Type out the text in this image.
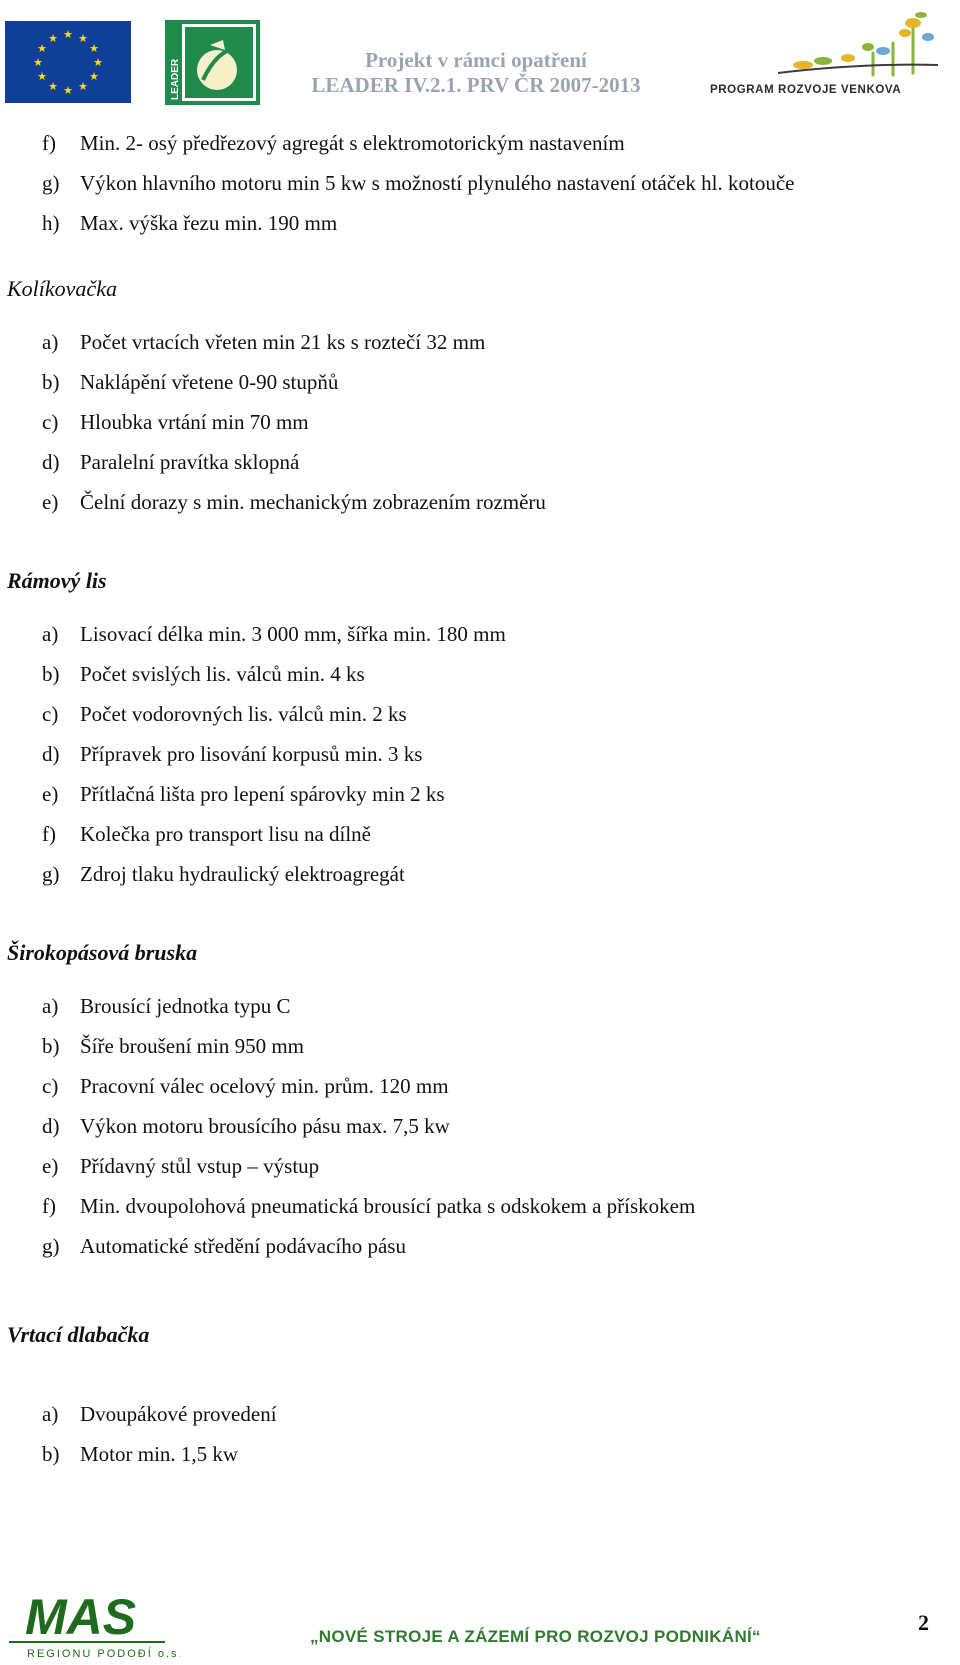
★ ★
★
★
★
★
★
★
★
★
★
★
LEADER	Projekt v rámci opatření
LEADER IV.2.1. PRV ČR 2007-2013	PROGRAM ROZVOJE VENKOVA
f) Min. 2- osý předřezový agregát s elektromotorickým nastavením
g) Výkon hlavního motoru min 5 kw s možností plynulého nastavení otáček hl. kotouče
h) Max. výška řezu min. 190 mm
Kolíkovačka
a) Počet vrtacích vřeten min 21 ks s roztečí 32 mm
b) Naklápění vřetene 0-90 stupňů
c) Hloubka vrtání min 70 mm
d) Paralelní pravítka sklopná
e) Čelní dorazy s min. mechanickým zobrazením rozměru
Rámový lis
a) Lisovací délka min. 3 000 mm, šířka min. 180 mm
b) Počet svislých lis. válců min. 4 ks
c) Počet vodorovných lis. válců min. 2 ks
d) Přípravek pro lisování korpusů min. 3 ks
e) Přítlačná lišta pro lepení spárovky min 2 ks
f) Kolečka pro transport lisu na dílně
g) Zdroj tlaku hydraulický elektroagregát
Širokopásová bruska
a) Brousící jednotka typu C
b) Šíře broušení min 950 mm
c) Pracovní válec ocelový min. prům. 120 mm
d) Výkon motoru brousícího pásu max. 7,5 kw
e) Přídavný stůl vstup – výstup
f) Min. dvoupolohová pneumatická brousící patka s odskokem a přískokem
g) Automatické středění podávacího pásu
Vrtací dlabačka
a) Dvoupákové provedení
b) Motor min. 1,5 kw
MAS
REGIONU PODOĐÍ o.s.
„NOVÉ STROJE A ZÁZEMÍ PRO ROZVOJ PODNIKÁNÍ“
2
